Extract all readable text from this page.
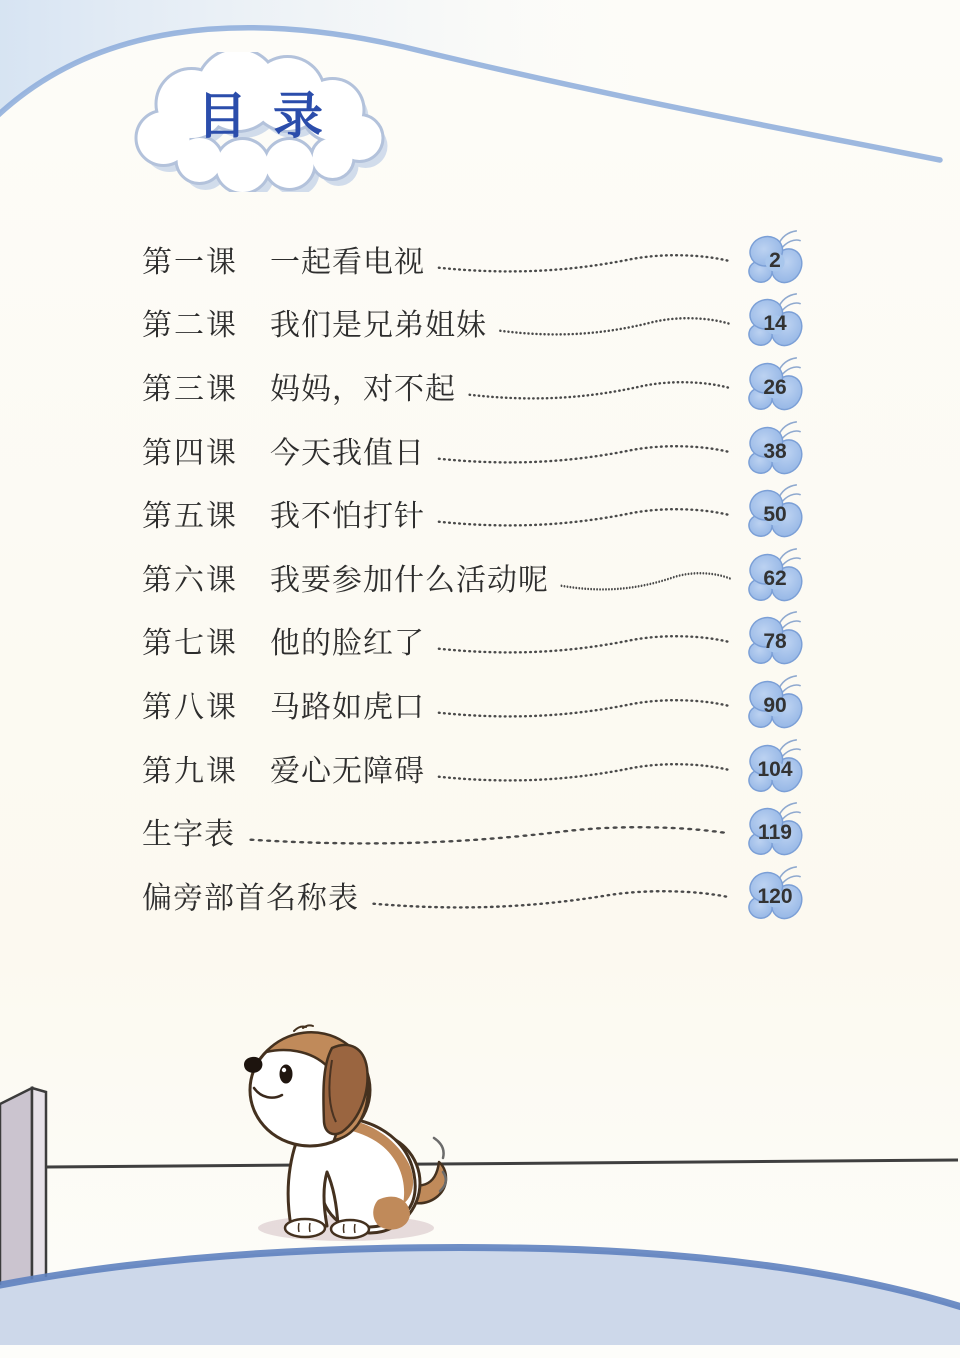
目录
第一课	一起看电视	2
第二课	我们是兄弟姐妹	14
第三课	妈妈，对不起	26
第四课	今天我值日	38
第五课	我不怕打针	50
第六课	我要参加什么活动呢	62
第七课	他的脸红了	78
第八课	马路如虎口	90
第九课	爱心无障碍	104
生字表	119
偏旁部首名称表	120
